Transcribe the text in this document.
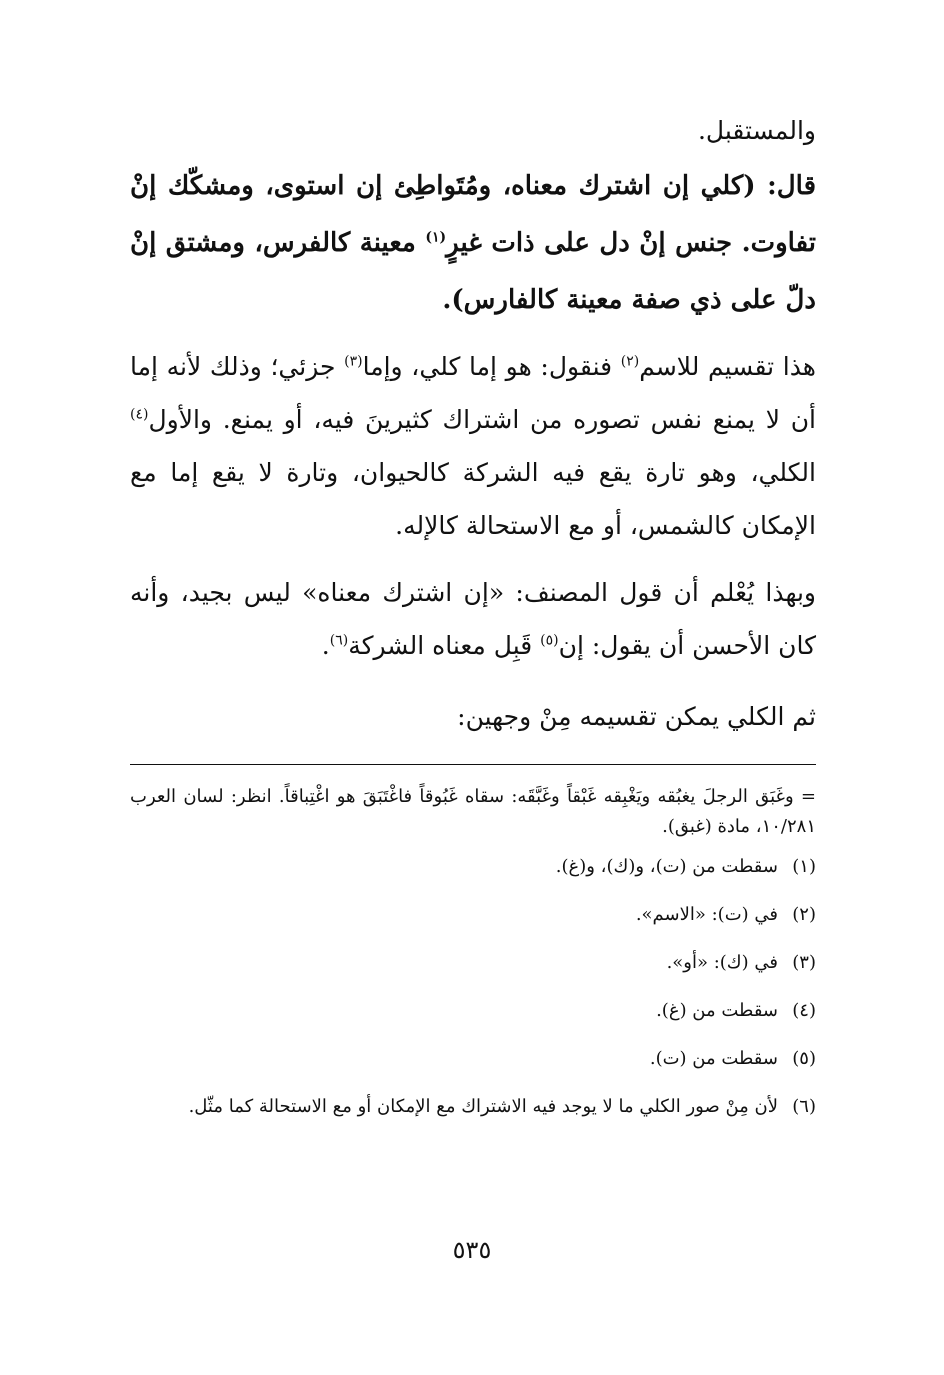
والمستقبل.

قال: (كلي إن اشترك معناه، ومُتَواطِئ إن استوى، ومشكّك إنْ تفاوت. جنس إنْ دل على ذات غيرٍ$^{(١)}$ معينة كالفرس، ومشتق إنْ دلّ على ذي صفة معينة كالفارس).

هذا تقسيم للاسم$^{(٢)}$ فنقول: هو إما كلي، وإما$^{(٣)}$ جزئي؛ وذلك لأنه إما أن لا يمنع نفس تصوره من اشتراك كثيرينَ فيه، أو يمنع. والأول$^{(٤)}$ الكلي، وهو تارة يقع فيه الشركة كالحيوان، وتارة لا يقع إما مع الإمكان كالشمس، أو مع الاستحالة كالإله.

وبهذا يُعْلم أن قول المصنف: «إن اشترك معناه» ليس بجيد، وأنه كان الأحسن أن يقول: إن$^{(٥)}$ قَبِل معناه الشركة$^{(٦)}$.

ثم الكلي يمكن تقسيمه مِنْ وجهين:

= وغَبَق الرجلَ يغبُقه ويَغْبِقه غَبْقاً وغَبَّقَه: سقاه غَبُوقاً فاغْتَبَقَ هو اغْتِباقاً. انظر: لسان العرب ١٠/٢٨١، مادة (غبق).

(١)
سقطت من (ت)، و(ك)، و(غ).
(٢)
في (ت): «الاسم».
(٣)
في (ك): «أو».
(٤)
سقطت من (غ).
(٥)
سقطت من (ت).
(٦)
لأن مِنْ صور الكلي ما لا يوجد فيه الاشتراك مع الإمكان أو مع الاستحالة كما مثّل.
٥٣٥
